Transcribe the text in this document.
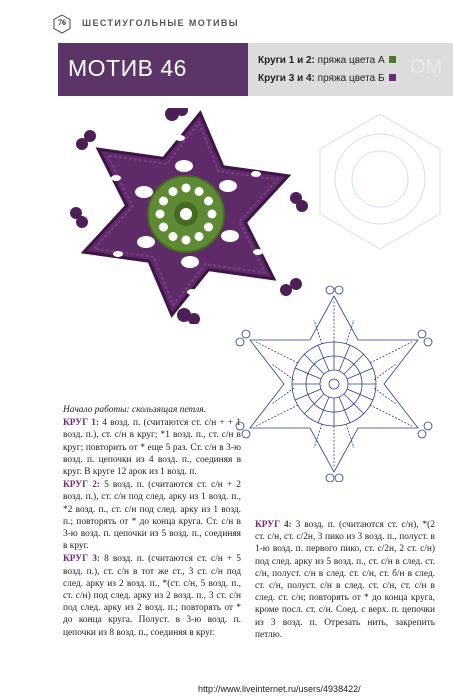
76	ШЕСТИУГОЛЬНЫЕ МОТИВЫ
МОТИВ 46	Круги 1 и 2: пряжа цвета А
Круги 3 и 4: пряжа цвета Б
ОМ

Начало работы: скользящая петля.

КРУГ 1: 4 возд. п. (считаются ст. с/н + + 1 возд. п.), ст. с/н в круг; *1 возд. п., ст. с/н в круг; повторить от * еще 5 раз. Ст. с/н в 3-ю возд. п. цепочки из 4 возд. п., соединяя в круг. В круге 12 арок из 1 возд. п.

КРУГ 2: 5 возд. п. (считаются ст. с/н + 2 возд. п.), ст. с/н под след. арку из 1 возд. п., *2 возд. п., ст. с/н под след. арку из 1 возд. п.; повторять от * до конца круга. Ст. с/н в 3-ю возд. п. цепочки из 5 возд. п., соединяя в круг.

КРУГ 3: 8 возд. п. (считаются ст. с/н + 5 возд. п.), ст. с/н в тот же ст., 3 ст. с/н под след. арку из 2 возд. п., *(ст. с/н, 5 возд. п., ст. с/н) под след. арку из 2 возд. п., 3 ст. с/н под след. арку из 2 возд. п.; повторять от * до конца круга. Полуст. в 3-ю возд. п. цепочки из 8 возд. п., соединяя в круг.

КРУГ 4: 3 возд. п. (считаются ст. с/н), *(2 ст. с/н, ст. с/2н, 3 пико из 3 возд. п., полуст. в 1-ю возд. п. первого пико, ст. с/2н, 2 ст. с/н) под след. арку из 5 возд. п., ст. с/н в след. ст. с/н, полуст. с/н в след. ст. с/н, ст. б/н в след. ст. с/н, полуст. с/н в след. ст. с/н, ст. с/н в след. ст. с/н; повторять от * до конца круга, кроме посл. ст. с/н. Соед. с верх. п. цепочки из 3 возд. п. Отрезать нить, закрепить петлю.

http://www.liveinternet.ru/users/4938422/
